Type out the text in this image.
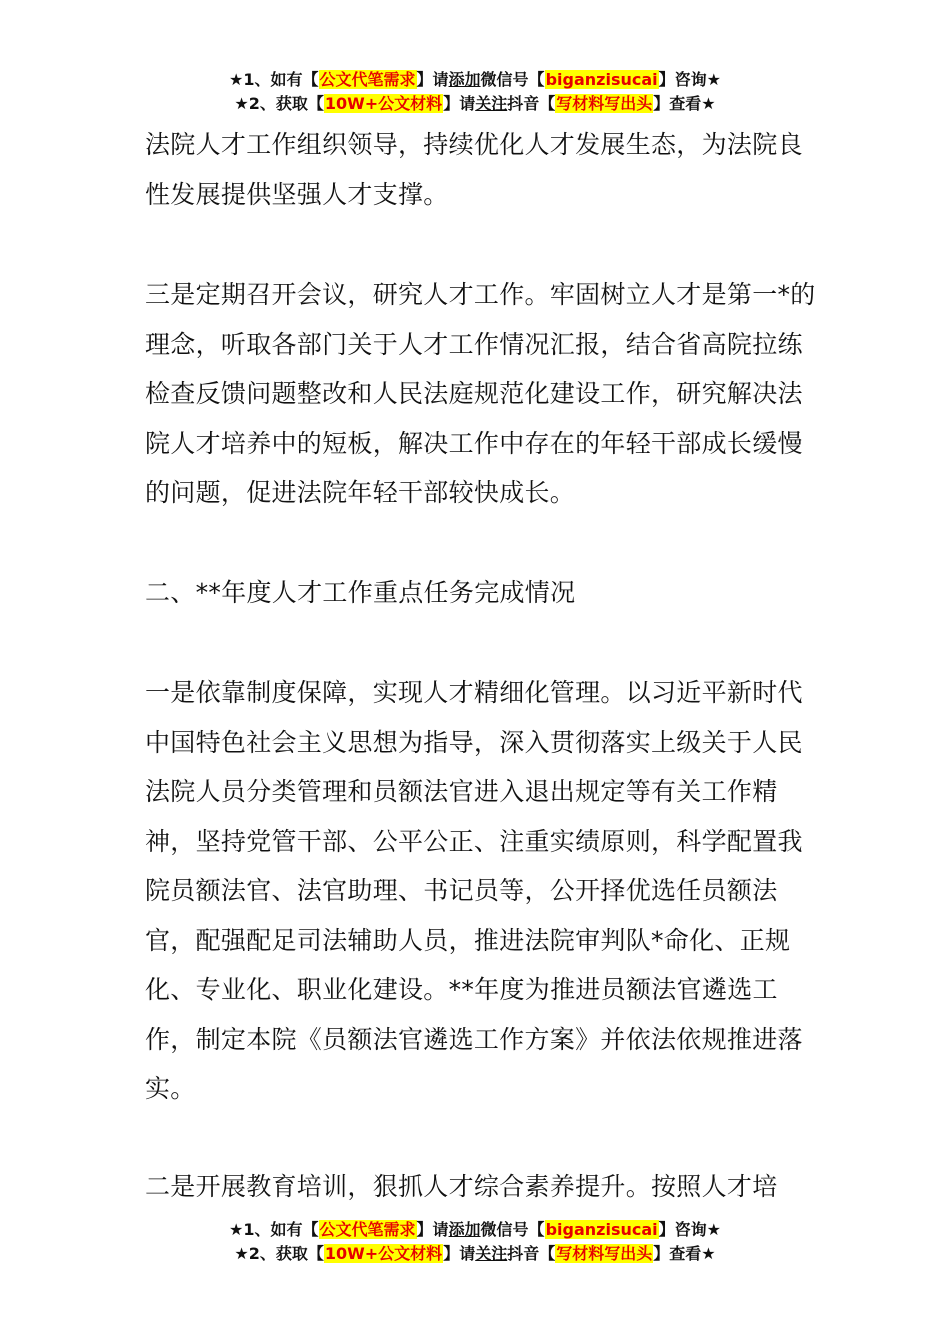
★1、如有【公文代笔需求】请添加微信号【biganzisucai】咨询★
★2、获取【10W+公文材料】请关注抖音【写材料写出头】查看★

法院人才工作组织领导，持续优化人才发展生态，为法院良性发展提供坚强人才支撑。

三是定期召开会议，研究人才工作。牢固树立人才是第一*的理念，听取各部门关于人才工作情况汇报，结合省高院拉练检查反馈问题整改和人民法庭规范化建设工作，研究解决法院人才培养中的短板，解决工作中存在的年轻干部成长缓慢的问题，促进法院年轻干部较快成长。

二、**年度人才工作重点任务完成情况

一是依靠制度保障，实现人才精细化管理。以习近平新时代中国特色社会主义思想为指导，深入贯彻落实上级关于人民法院人员分类管理和员额法官进入退出规定等有关工作精神，坚持党管干部、公平公正、注重实绩原则，科学配置我院员额法官、法官助理、书记员等，公开择优选任员额法官，配强配足司法辅助人员，推进法院审判队*命化、正规化、专业化、职业化建设。**年度为推进员额法官遴选工作，制定本院《员额法官遴选工作方案》并依法依规推进落实。

二是开展教育培训，狠抓人才综合素养提升。按照人才培

★1、如有【公文代笔需求】请添加微信号【biganzisucai】咨询★
★2、获取【10W+公文材料】请关注抖音【写材料写出头】查看★
